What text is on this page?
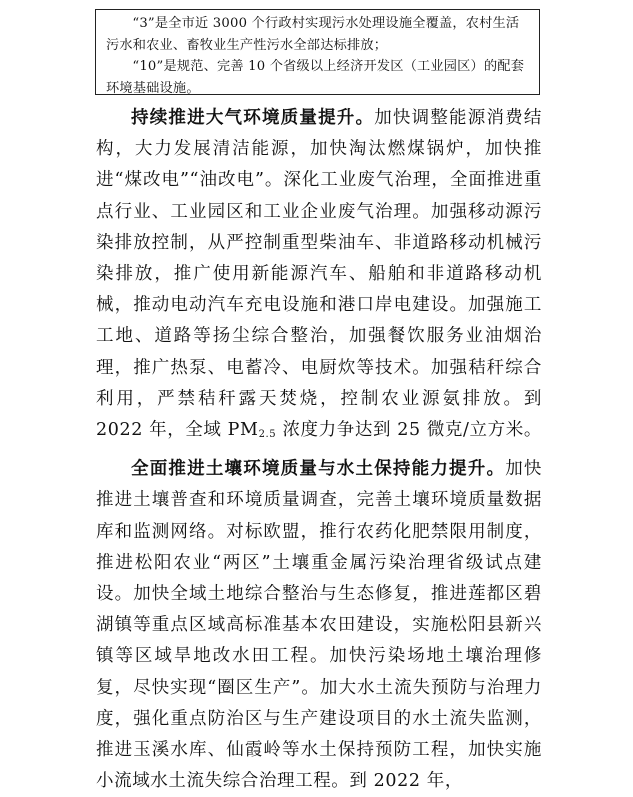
“3”是全市近 3000 个行政村实现污水处理设施全覆盖，农村生活污水和农业、畜牧业生产性污水全部达标排放；

“10”是规范、完善 10 个省级以上经济开发区（工业园区）的配套环境基础设施。

持续推进大气环境质量提升。加快调整能源消费结构，大力发展清洁能源，加快淘汰燃煤锅炉，加快推进“煤改电”“油改电”。深化工业废气治理，全面推进重点行业、工业园区和工业企业废气治理。加强移动源污染排放控制，从严控制重型柴油车、非道路移动机械污染排放，推广使用新能源汽车、船舶和非道路移动机械，推动电动汽车充电设施和港口岸电建设。加强施工工地、道路等扬尘综合整治，加强餐饮服务业油烟治理，推广热泵、电蓄冷、电厨炊等技术。加强秸秆综合利用，严禁秸秆露天焚烧，控制农业源氨排放。到 2022 年，全域 $PM_{2.5}$ 浓度力争达到 25 微克/立方米。

全面推进土壤环境质量与水土保持能力提升。加快推进土壤普查和环境质量调查，完善土壤环境质量数据库和监测网络。对标欧盟，推行农药化肥禁限用制度，推进松阳农业“两区”土壤重金属污染治理省级试点建设。加快全域土地综合整治与生态修复，推进莲都区碧湖镇等重点区域高标准基本农田建设，实施松阳县新兴镇等区域旱地改水田工程。加快污染场地土壤治理修复，尽快实现“圈区生产”。加大水土流失预防与治理力度，强化重点防治区与生产建设项目的水土流失监测，推进玉溪水库、仙霞岭等水土保持预防工程，加快实施小流域水土流失综合治理工程。到 2022 年，
